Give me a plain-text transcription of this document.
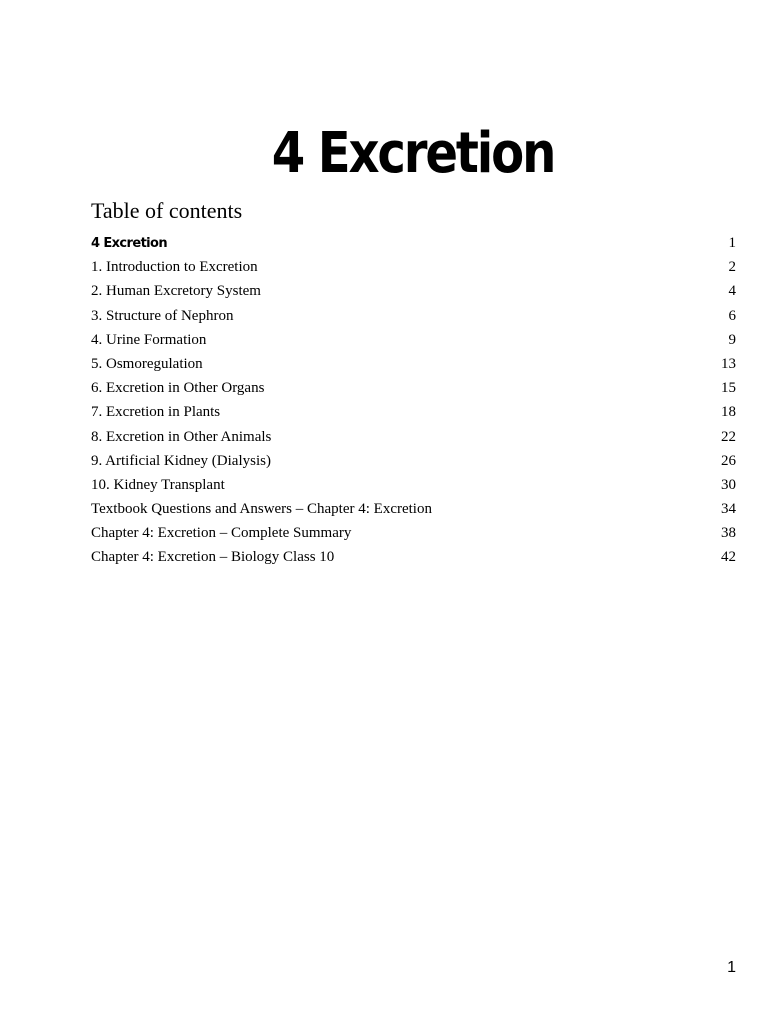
4 Excretion
Table of contents
4 Excretion	1
1. Introduction to Excretion	2
2. Human Excretory System	4
3. Structure of Nephron	6
4. Urine Formation	9
5. Osmoregulation	13
6. Excretion in Other Organs	15
7. Excretion in Plants	18
8. Excretion in Other Animals	22
9. Artificial Kidney (Dialysis)	26
10. Kidney Transplant	30
Textbook Questions and Answers – Chapter 4: Excretion	34
Chapter 4: Excretion – Complete Summary	38
Chapter 4: Excretion – Biology Class 10	42
1
